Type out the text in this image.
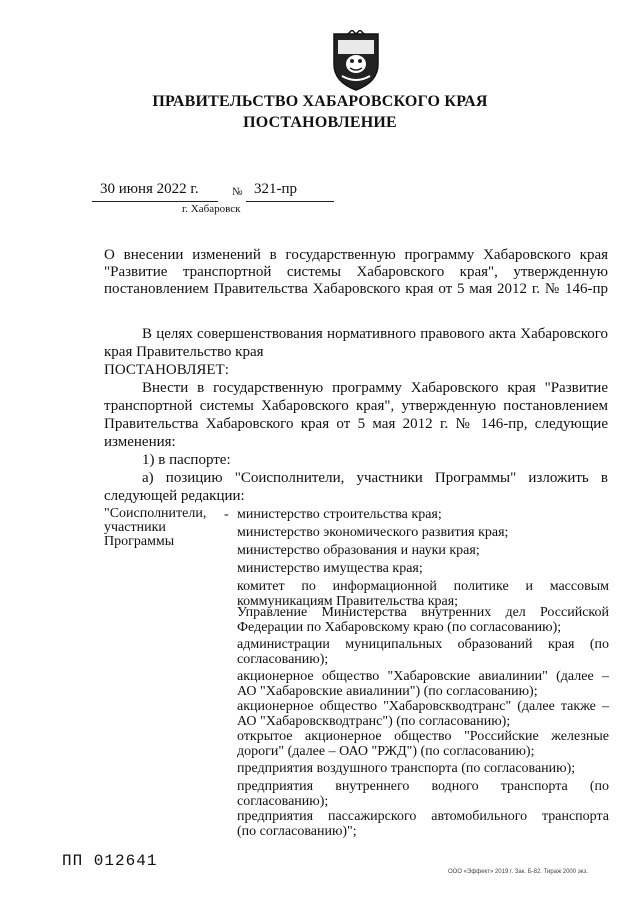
ПРАВИТЕЛЬСТВО ХАБАРОВСКОГО КРАЯ
ПОСТАНОВЛЕНИЕ
30 июня 2022 г.	№ 321-пр
г. Хабаровск
О внесении изменений в государственную программу Хабаровского края
"Развитие транспортной системы Хабаровского края", утвержденную
постановлением Правительства Хабаровского края от 5 мая 2012 г. № 146-пр
В целях совершенствования нормативного правового акта Хабаровского
края Правительство края
ПОСТАНОВЛЯЕТ:
Внести в государственную программу Хабаровского края "Развитие
транспортной системы Хабаровского края", утвержденную постановлением
Правительства Хабаровского края от 5 мая 2012 г. № 146-пр, следующие
изменения:
1) в паспорте:
а) позицию "Соисполнители, участники Программы" изложить в
следующей редакции:
"Соисполнители,
участники
Программы
- министерство строительства края;
министерство экономического развития края;
министерство образования и науки края;
министерство имущества края;
комитет по информационной политике и массовым
коммуникациям Правительства края;
Управление Министерства внутренних дел Российской
Федерации по Хабаровскому краю (по согласованию);
администрации муниципальных образований края (по
согласованию);
акционерное общество "Хабаровские авиалинии" (далее –
АО "Хабаровские авиалинии") (по согласованию);
акционерное общество "Хабаровскводтранс" (далее также –
АО "Хабаровскводтранс") (по согласованию);
открытое акционерное общество "Российские железные
дороги" (далее – ОАО "РЖД") (по согласованию);
предприятия воздушного транспорта (по согласованию);
предприятия внутреннего водного транспорта (по
согласованию);
предприятия пассажирского автомобильного транспорта
(по согласованию)";
ПП 012641
ООО «Эффект» 2019 г. Зак. Б-82. Тираж 2000 экз.
